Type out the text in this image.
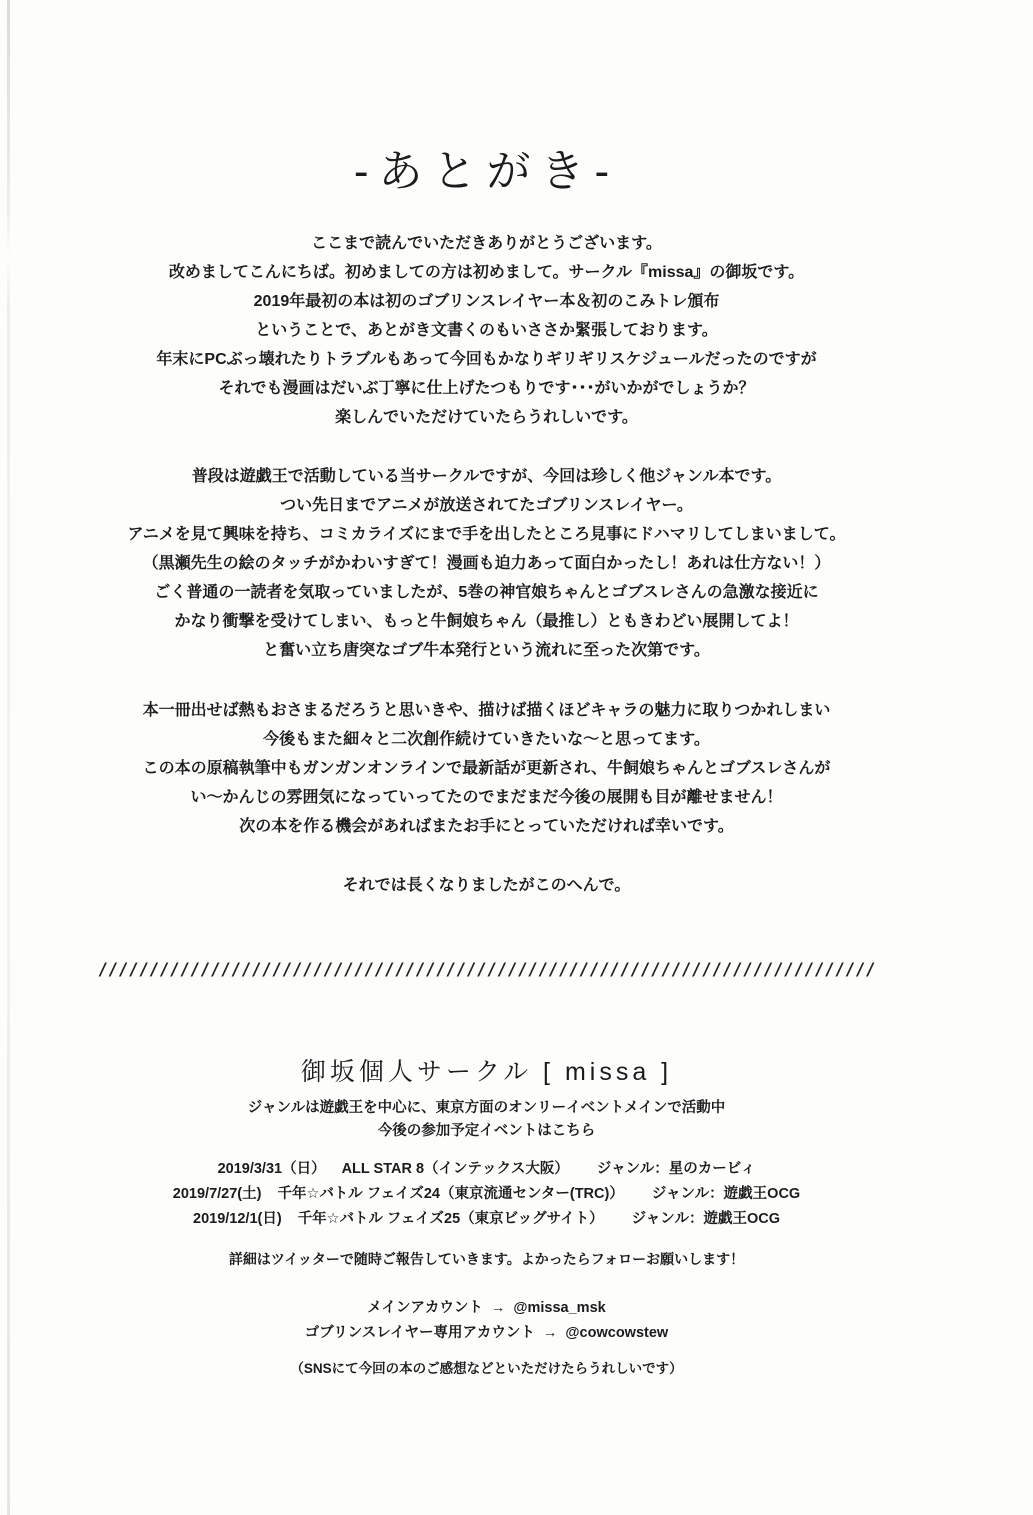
-あとがき-
ここまで読んでいただきありがとうございます。
改めましてこんにちば。初めましての方は初めまして。サークル『missa』の御坂です。
2019年最初の本は初のゴブリンスレイヤー本＆初のこみトレ頒布
ということで、あとがき文書くのもいささか緊張しております。
年末にPCぶっ壊れたりトラブルもあって今回もかなりギリギリスケジュールだったのですが
それでも漫画はだいぶ丁寧に仕上げたつもりです･･･がいかがでしょうか？
楽しんでいただけていたらうれしいです。
普段は遊戯王で活動している当サークルですが、今回は珍しく他ジャンル本です。
つい先日までアニメが放送されてたゴブリンスレイヤー。
アニメを見て興味を持ち、コミカライズにまで手を出したところ見事にドハマリしてしまいまして。
（黒瀬先生の絵のタッチがかわいすぎて！漫画も迫力あって面白かったし！あれは仕方ない！）
ごく普通の一読者を気取っていましたが、5巻の神官娘ちゃんとゴブスレさんの急激な接近に
かなり衝撃を受けてしまい、もっと牛飼娘ちゃん（最推し）ともきわどい展開してよ！
と奮い立ち唐突なゴブ牛本発行という流れに至った次第です。
本一冊出せば熱もおさまるだろうと思いきや、描けば描くほどキャラの魅力に取りつかれしまい
今後もまた細々と二次創作続けていきたいな～と思ってます。
この本の原稿執筆中もガンガンオンラインで最新話が更新され、牛飼娘ちゃんとゴブスレさんが
い～かんじの雰囲気になっていってたのでまだまだ今後の展開も目が離せません！
次の本を作る機会があればまたお手にとっていただければ幸いです。
それでは長くなりましたがこのへんで。
////////////////////////////////////////////////////////////////////////////
御坂個人サークル [ missa ]
ジャンルは遊戯王を中心に、東京方面のオンリーイベントメインで活動中
今後の参加予定イベントはこちら
2019/3/31（日） ALL STAR 8（インテックス大阪） ジャンル：星のカービィ
2019/7/27(土) 千年☆バトル フェイズ24（東京流通センター(TRC)） ジャンル：遊戯王OCG
2019/12/1(日) 千年☆バトル フェイズ25（東京ビッグサイト） ジャンル：遊戯王OCG
詳細はツイッターで随時ご報告していきます。よかったらフォローお願いします！
メインアカウント → @missa_msk
ゴブリンスレイヤー専用アカウント → @cowcowstew
（SNSにて今回の本のご感想などといただけたらうれしいです）
